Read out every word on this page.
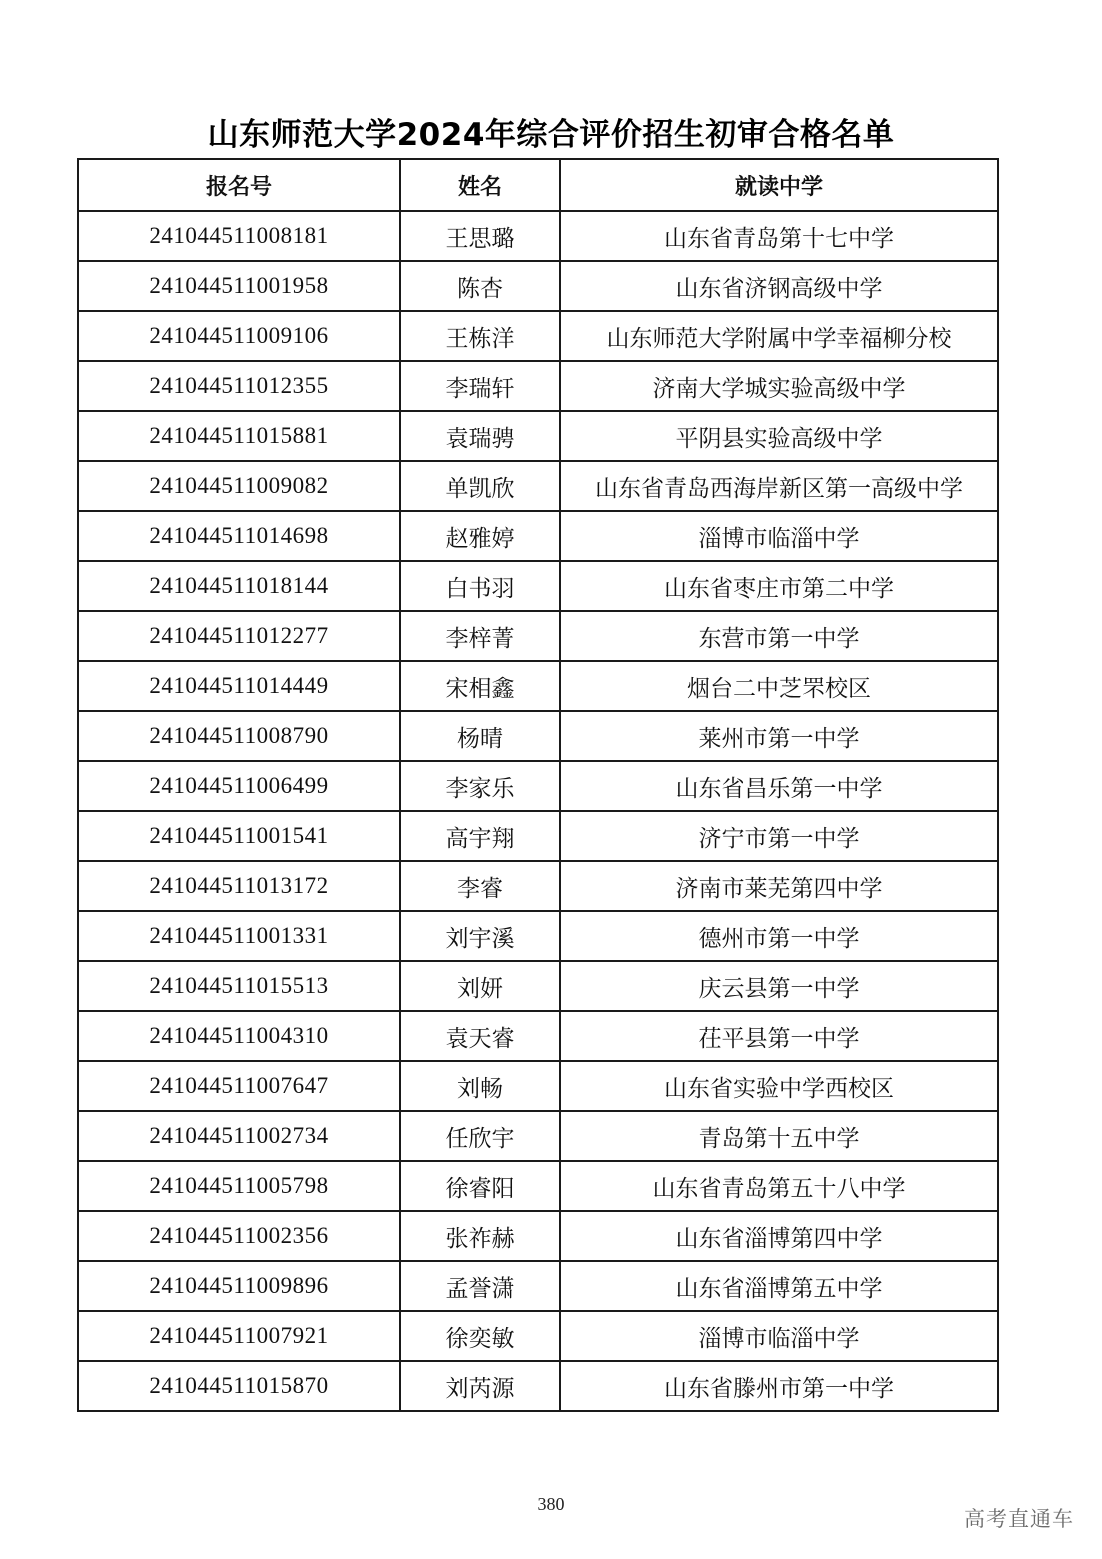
山东师范大学2024年综合评价招生初审合格名单
报名号	姓名	就读中学
241044511008181	王思璐	山东省青岛第十七中学
241044511001958	陈杏	山东省济钢高级中学
241044511009106	王栋洋	山东师范大学附属中学幸福柳分校
241044511012355	李瑞轩	济南大学城实验高级中学
241044511015881	袁瑞骋	平阴县实验高级中学
241044511009082	单凯欣	山东省青岛西海岸新区第一高级中学
241044511014698	赵雅婷	淄博市临淄中学
241044511018144	白书羽	山东省枣庄市第二中学
241044511012277	李梓菁	东营市第一中学
241044511014449	宋相鑫	烟台二中芝罘校区
241044511008790	杨晴	莱州市第一中学
241044511006499	李家乐	山东省昌乐第一中学
241044511001541	高宇翔	济宁市第一中学
241044511013172	李睿	济南市莱芜第四中学
241044511001331	刘宇溪	德州市第一中学
241044511015513	刘妍	庆云县第一中学
241044511004310	袁天睿	茌平县第一中学
241044511007647	刘畅	山东省实验中学西校区
241044511002734	任欣宇	青岛第十五中学
241044511005798	徐睿阳	山东省青岛第五十八中学
241044511002356	张祚赫	山东省淄博第四中学
241044511009896	孟誉潇	山东省淄博第五中学
241044511007921	徐奕敏	淄博市临淄中学
241044511015870	刘芮源	山东省滕州市第一中学
380
高考直通车
